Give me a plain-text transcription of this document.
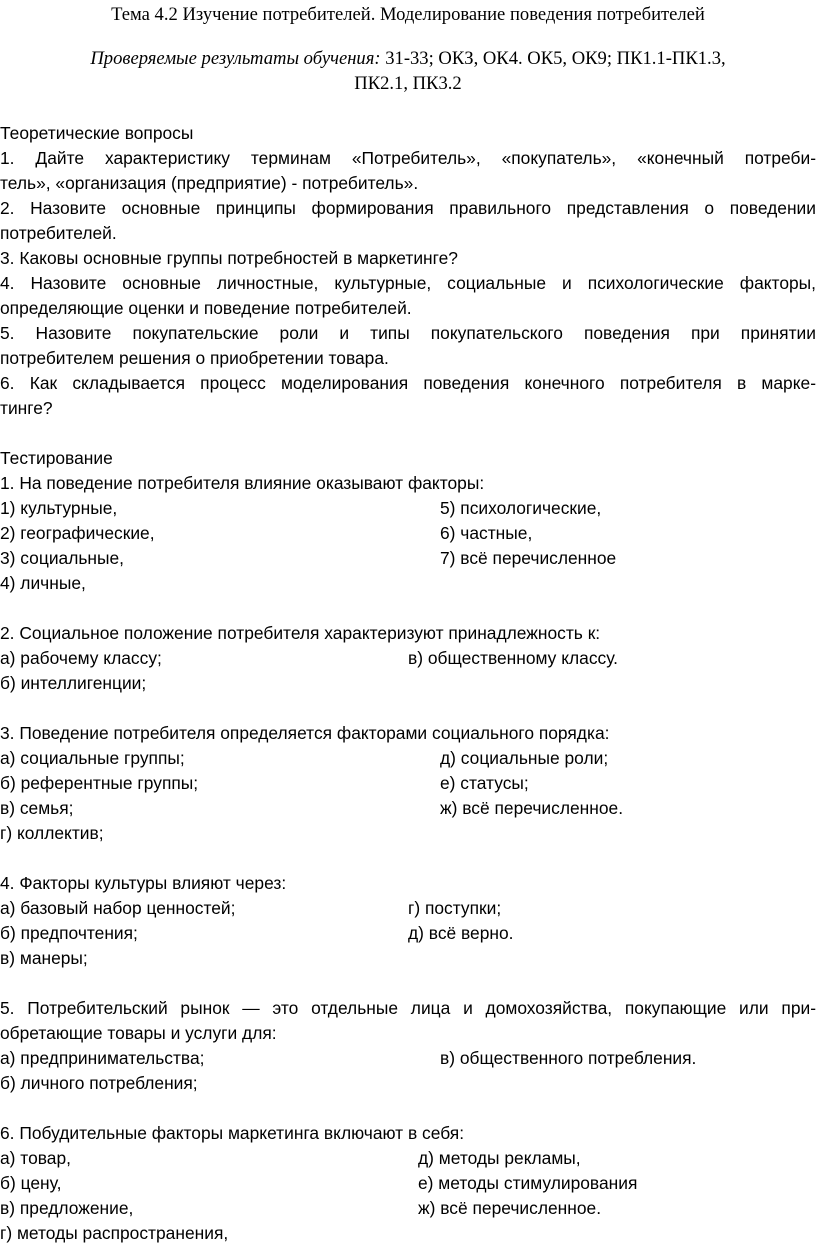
Тема 4.2 Изучение потребителей. Моделирование поведения потребителей
Проверяемые результаты обучения: 31-33; ОКЗ, ОК4. ОК5, ОК9; ПК1.1-ПК1.3,
ПК2.1, ПК3.2
Теоретические вопросы
1. Дайте характеристику терминам «Потребитель», «покупатель», «конечный потреби-
тель», «организация (предприятие) - потребитель».
2. Назовите основные принципы формирования правильного представления о поведении
потребителей.
3. Каковы основные группы потребностей в маркетинге?
4. Назовите основные личностные, культурные, социальные и психологические факторы,
определяющие оценки и поведение потребителей.
5. Назовите покупательские роли и типы покупательского поведения при принятии
потребителем решения о приобретении товара.
6. Как складывается процесс моделирования поведения конечного потребителя в марке-
тинге?
Тестирование
1. На поведение потребителя влияние оказывают факторы:
1) культурные,
2) географические,
3) социальные,
4) личные,
5) психологические,
6) частные,
7) всё перечисленное
2. Социальное положение потребителя характеризуют принадлежность к:
а) рабочему классу;
б) интеллигенции;
в) общественному классу.
3. Поведение потребителя определяется факторами социального порядка:
а) социальные группы;
б) референтные группы;
в) семья;
г) коллектив;
д) социальные роли;
е) статусы;
ж) всё перечисленное.
4. Факторы культуры влияют через:
а) базовый набор ценностей;
б) предпочтения;
в) манеры;
г) поступки;
д) всё верно.
5. Потребительский рынок — это отдельные лица и домохозяйства, покупающие или при-
обретающие товары и услуги для:
а) предпринимательства;
б) личного потребления;
в) общественного потребления.
6. Побудительные факторы маркетинга включают в себя:
а) товар,
б) цену,
в) предложение,
г) методы распространения,
д) методы рекламы,
е) методы стимулирования
ж) всё перечисленное.
